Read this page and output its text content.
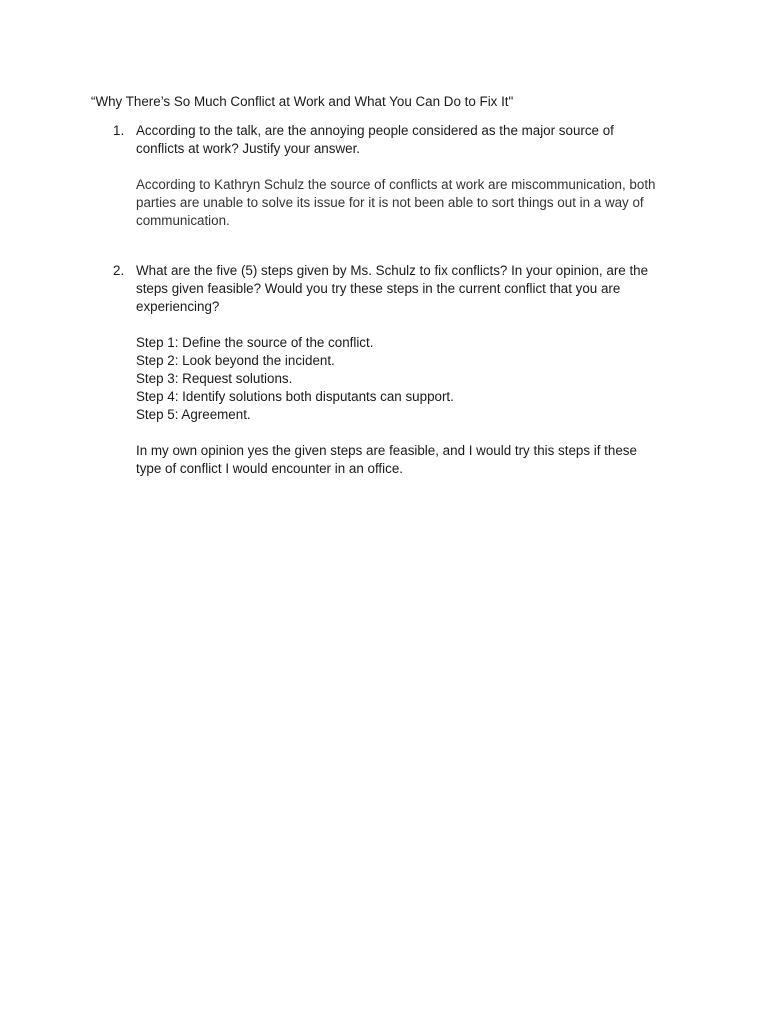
“Why There’s So Much Conflict at Work and What You Can Do to Fix It"
1. According to the talk, are the annoying people considered as the major source of
conflicts at work? Justify your answer.
According to Kathryn Schulz the source of conflicts at work are miscommunication, both
parties are unable to solve its issue for it is not been able to sort things out in a way of
communication.
2. What are the five (5) steps given by Ms. Schulz to fix conflicts? In your opinion, are the
steps given feasible? Would you try these steps in the current conflict that you are
experiencing?
Step 1: Define the source of the conflict.
Step 2: Look beyond the incident.
Step 3: Request solutions.
Step 4: Identify solutions both disputants can support.
Step 5: Agreement.
In my own opinion yes the given steps are feasible, and I would try this steps if these
type of conflict I would encounter in an office.
